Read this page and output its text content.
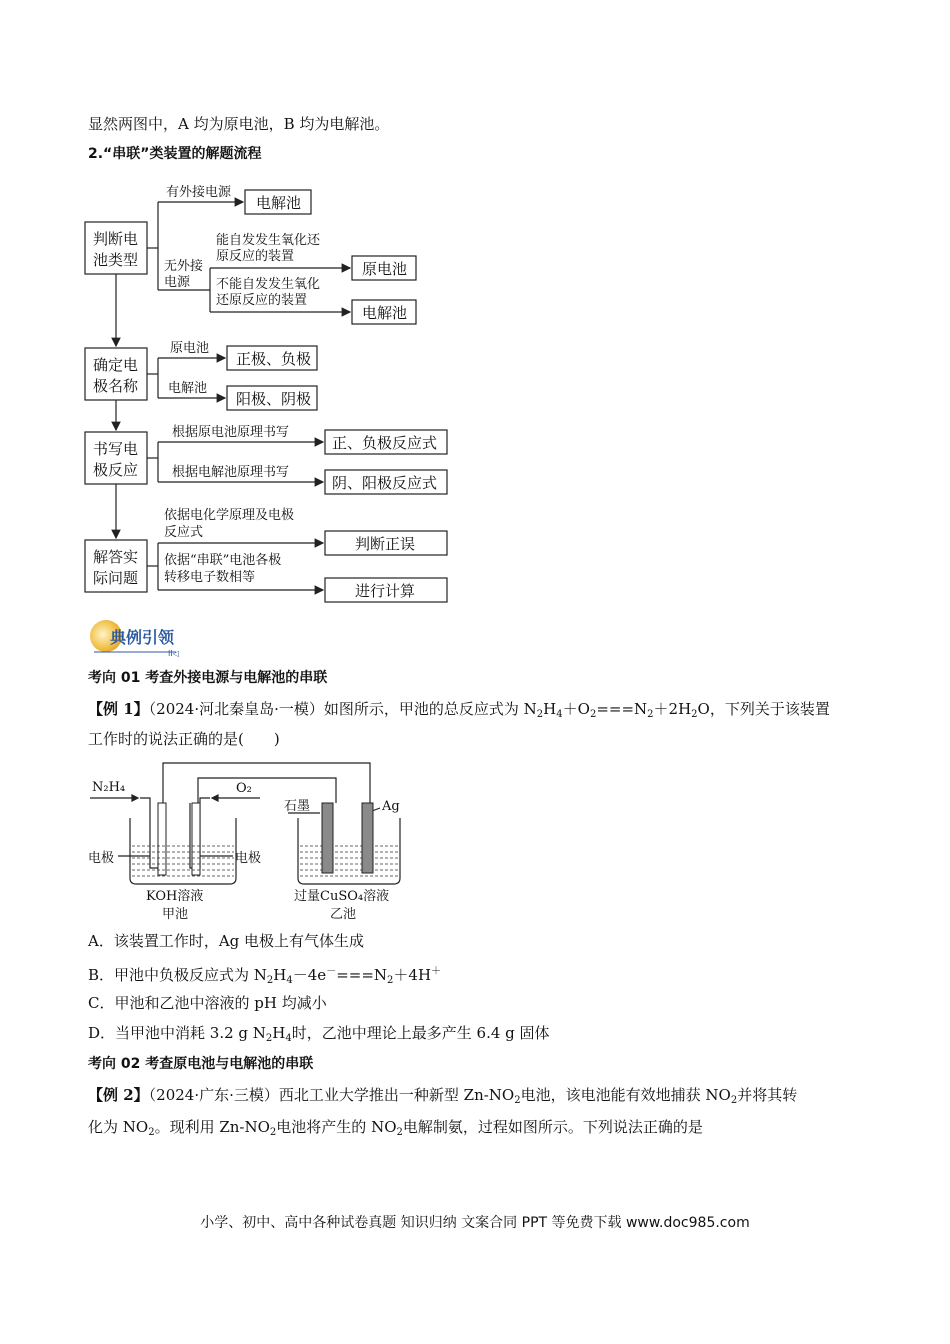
显然两图中，A 均为原电池，B 均为电解池。
2.“串联”类装置的解题流程
判断电
池类型
确定电
极名称
书写电
极反应
解答实
际问题
电解池
原电池
电解池
正极、负极
阳极、阴极
正、负极反应式
阴、阳极反应式
判断正误
进行计算
有外接电源
无外接
电源
能自发发生氧化还
原反应的装置
不能自发发生氧化
还原反应的装置
原电池
电解池
根据原电池原理书写
根据电解池原理书写
依据电化学原理及电极
反应式
依据“串联”电池各极
转移电子数相等
典例引领
II◁
考向 01 考查外接电源与电解池的串联
【例 1】（2024·河北秦皇岛·一模）如图所示，甲池的总反应式为 $N_2H_4+O_2===N_2+2H_2O$，下列关于该装置
工作时的说法正确的是(　　)
N₂H₄	O₂
石墨	Ag
电极	电极
KOH溶液
甲池
过量CuSO₄溶液
乙池
A．该装置工作时，Ag 电极上有气体生成
B．甲池中负极反应式为 $N_2H_4-4e^-===N_2+4H^+$
C．甲池和乙池中溶液的 pH 均减小
D．当甲池中消耗 3.2 g $N_2H_4$时，乙池中理论上最多产生 6.4 g 固体
考向 02 考查原电池与电解池的串联
【例 2】（2024·广东·三模）西北工业大学推出一种新型 $Zn-NO_2$电池，该电池能有效地捕获 $NO_2$并将其转
化为 $NO_2$。现利用 $Zn-NO_2$电池将产生的 $NO_2$电解制氨，过程如图所示。下列说法正确的是
小学、初中、高中各种试卷真题 知识归纳 文案合同 PPT 等免费下载 www.doc985.com
